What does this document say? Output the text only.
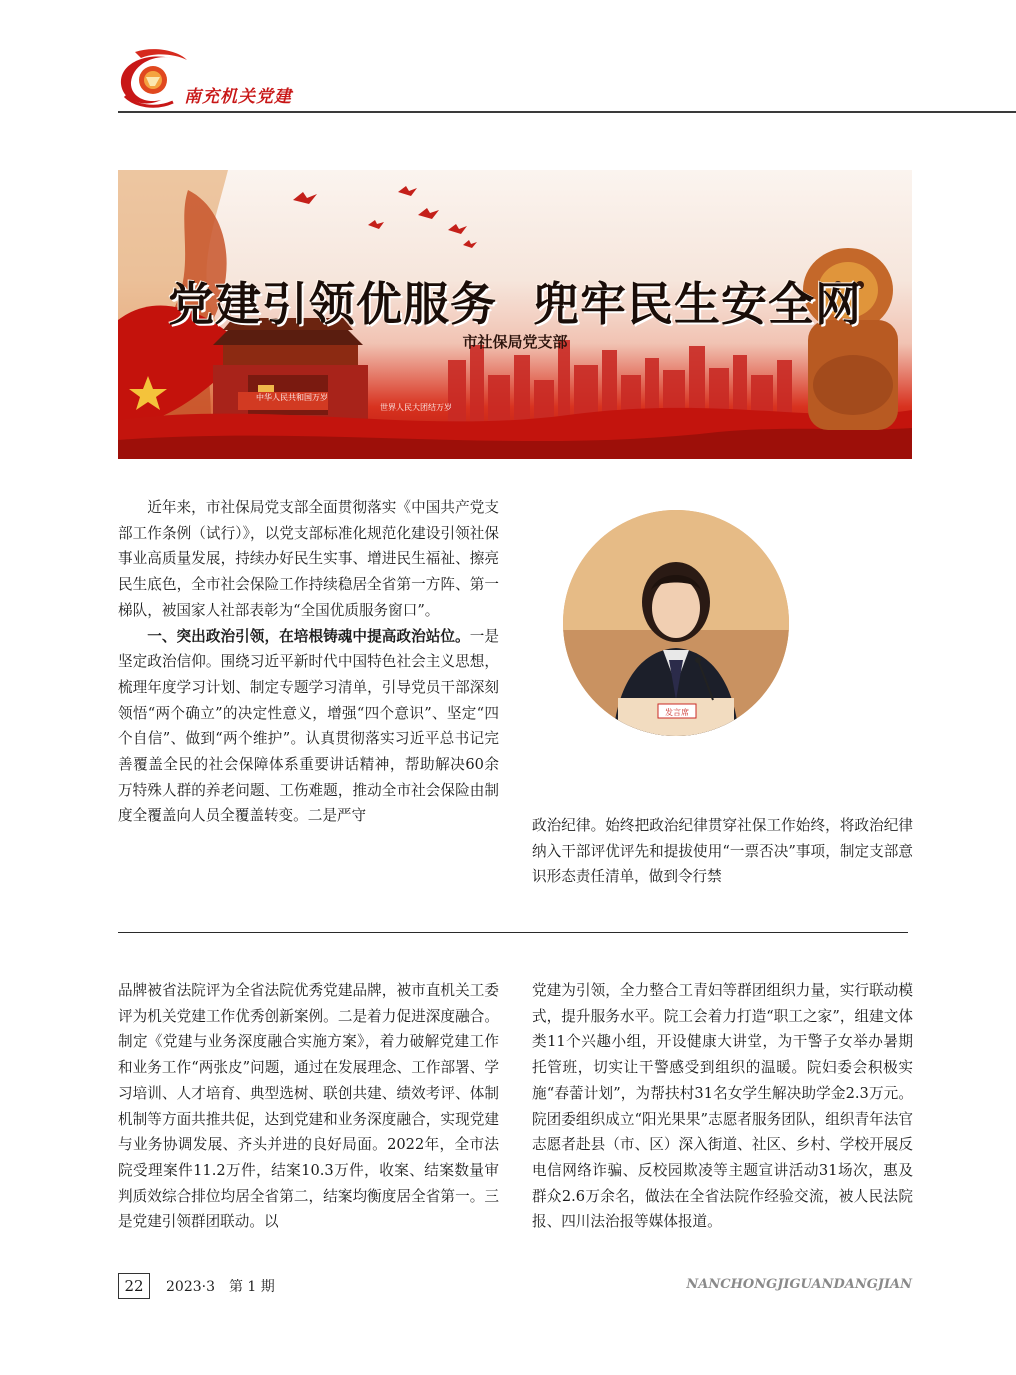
南充机关党建
中华人民共和国万岁
世界人民大团结万岁
党建引领优服务 兜牢民生安全网
市社保局党支部

近年来，市社保局党支部全面贯彻落实《中国共产党支部工作条例（试行）》，以党支部标准化规范化建设引领社保事业高质量发展，持续办好民生实事、增进民生福祉、擦亮民生底色，全市社会保险工作持续稳居全省第一方阵、第一梯队，被国家人社部表彰为“全国优质服务窗口”。

一、突出政治引领，在培根铸魂中提高政治站位。一是坚定政治信仰。围绕习近平新时代中国特色社会主义思想，梳理年度学习计划、制定专题学习清单，引导党员干部深刻领悟“两个确立”的决定性意义，增强“四个意识”、坚定“四个自信”、做到“两个维护”。认真贯彻落实习近平总书记完善覆盖全民的社会保障体系重要讲话精神，帮助解决60余万特殊人群的养老问题、工伤难题，推动全市社会保险由制度全覆盖向人员全覆盖转变。二是严守

发言席

政治纪律。始终把政治纪律贯穿社保工作始终，将政治纪律纳入干部评优评先和提拔使用“一票否决”事项，制定支部意识形态责任清单，做到令行禁

品牌被省法院评为全省法院优秀党建品牌，被市直机关工委评为机关党建工作优秀创新案例。二是着力促进深度融合。制定《党建与业务深度融合实施方案》，着力破解党建工作和业务工作“两张皮”问题，通过在发展理念、工作部署、学习培训、人才培育、典型选树、联创共建、绩效考评、体制机制等方面共推共促，达到党建和业务深度融合，实现党建与业务协调发展、齐头并进的良好局面。2022年，全市法院受理案件11.2万件，结案10.3万件，收案、结案数量审判质效综合排位均居全省第二，结案均衡度居全省第一。三是党建引领群团联动。以

党建为引领，全力整合工青妇等群团组织力量，实行联动模式，提升服务水平。院工会着力打造“职工之家”，组建文体类11个兴趣小组，开设健康大讲堂，为干警子女举办暑期托管班，切实让干警感受到组织的温暖。院妇委会积极实施“春蕾计划”，为帮扶村31名女学生解决助学金2.3万元。院团委组织成立“阳光果果”志愿者服务团队，组织青年法官志愿者赴县（市、区）深入街道、社区、乡村、学校开展反电信网络诈骗、反校园欺凌等主题宣讲活动31场次，惠及群众2.6万余名，做法在全省法院作经验交流，被人民法院报、四川法治报等媒体报道。

22	2023·3　第 1 期	NANCHONGJIGUANDANGJIAN
